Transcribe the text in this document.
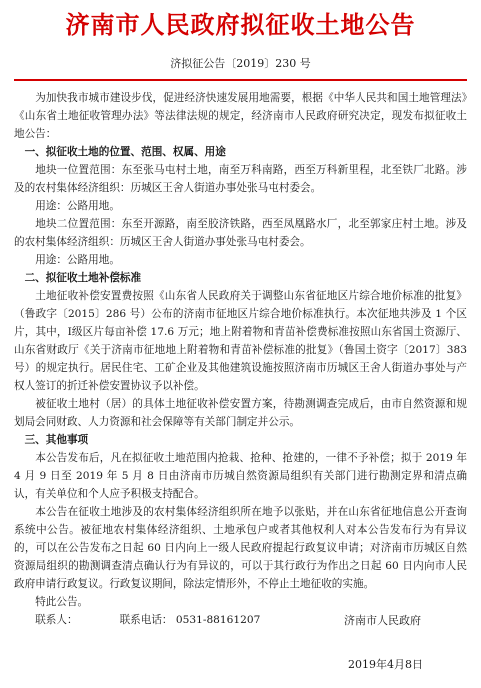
济南市人民政府拟征收土地公告
济拟征公告〔2019〕230 号

为加快我市城市建设步伐，促进经济快速发展用地需要，根据《中华人民共和国土地管理法》《山东省土地征收管理办法》等法律法规的规定，经济南市人民政府研究决定，现发布拟征收土地公告：

一、拟征收土地的位置、范围、权属、用途

地块一位置范围：东至张马屯村土地，南至万科南路，西至万科新里程，北至铁厂北路。涉及的农村集体经济组织：历城区王舍人街道办事处张马屯村委会。

用途：公路用地。

地块二位置范围：东至开源路，南至胶济铁路，西至凤凰路水厂，北至郭家庄村土地。涉及的农村集体经济组织：历城区王舍人街道办事处张马屯村委会。

用途：公路用地。

二、拟征收土地补偿标准

土地征收补偿安置费按照《山东省人民政府关于调整山东省征地区片综合地价标准的批复》（鲁政字〔2015〕286 号）公布的济南市征地区片综合地价标准执行。本次征地共涉及 1 个区片，其中，Ⅰ级区片每亩补偿 17.6 万元；地上附着物和青苗补偿费标准按照山东省国土资源厅、山东省财政厅《关于济南市征地地上附着物和青苗补偿标准的批复》（鲁国土资字〔2017〕383 号）的规定执行。居民住宅、工矿企业及其他建筑设施按照济南市历城区王舍人街道办事处与产权人签订的折迁补偿安置协议予以补偿。

被征收土地村（居）的具体土地征收补偿安置方案，待勘测调查完成后，由市自然资源和规划局会同财政、人力资源和社会保障等有关部门制定并公示。

三、其他事项

本公告发布后，凡在拟征收土地范围内抢栽、抢种、抢建的，一律不予补偿；拟于 2019 年 4 月 9 日至 2019 年 5 月 8 日由济南市历城自然资源局组织有关部门进行勘测定界和清点确认，有关单位和个人应予积极支持配合。

本公告在征收土地涉及的农村集体经济组织所在地予以张贴，并在山东省征地信息公开查询系统中公告。被征地农村集体经济组织、土地承包户或者其他权利人对本公告发布行为有异议的，可以在公告发布之日起 60 日内向上一级人民政府提起行政复议申请；对济南市历城区自然资源局组织的勘测调查清点确认行为有异议的，可以于其行政行为作出之日起 60 日内向市人民政府申请行政复议。行政复议期间，除法定情形外，不停止土地征收的实施。

特此公告。

联系人：	联系电话： 0531-88161207	济南市人民政府
2019年4月8日
